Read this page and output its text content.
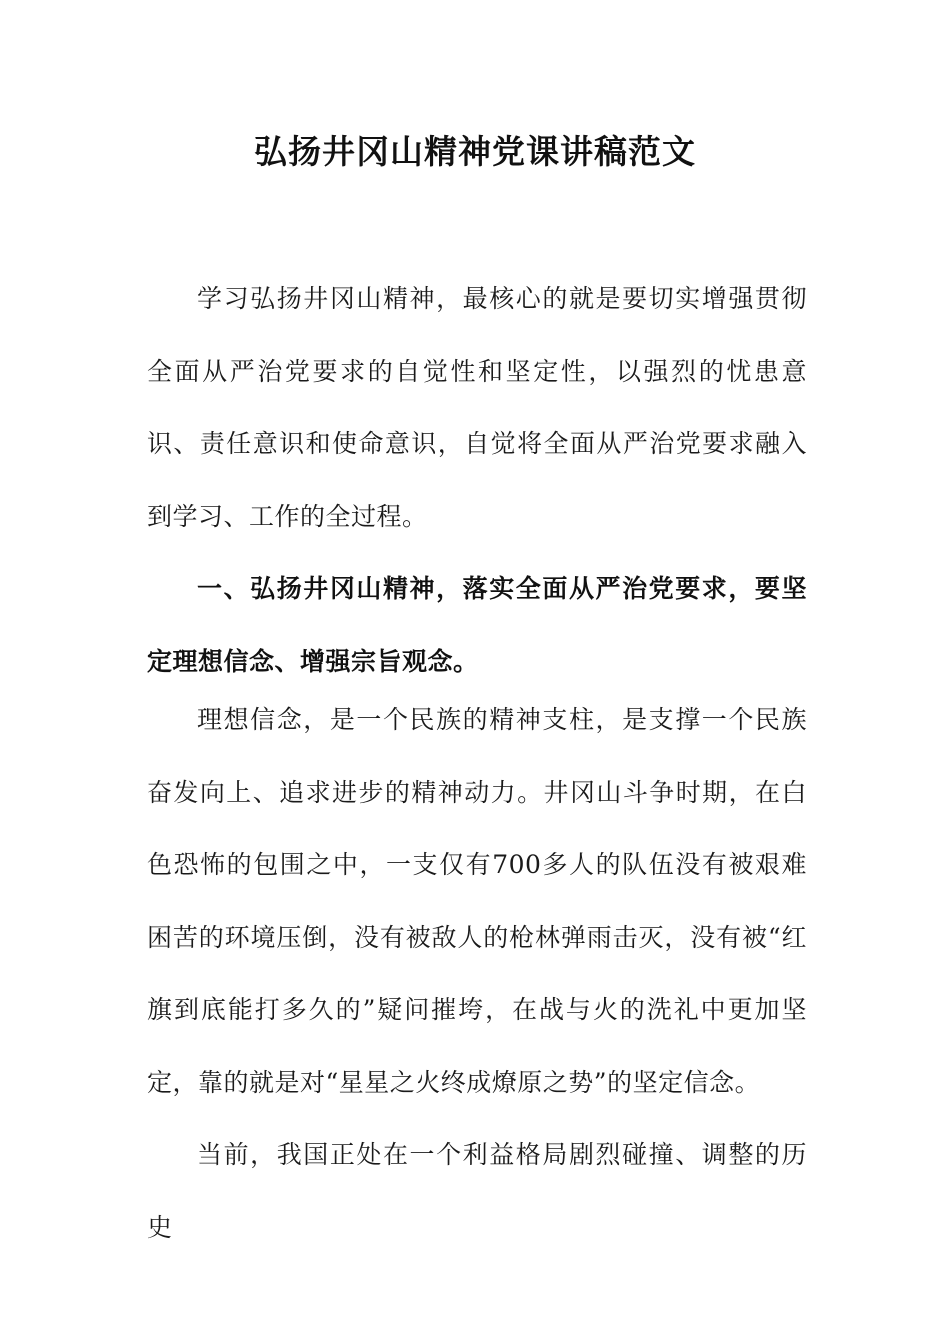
弘扬井冈山精神党课讲稿范文
学习弘扬井冈山精神，最核心的就是要切实增强贯彻全面从严治党要求的自觉性和坚定性，以强烈的忧患意识、责任意识和使命意识，自觉将全面从严治党要求融入到学习、工作的全过程。
一、弘扬井冈山精神，落实全面从严治党要求，要坚定理想信念、增强宗旨观念。
理想信念，是一个民族的精神支柱，是支撑一个民族奋发向上、追求进步的精神动力。井冈山斗争时期，在白色恐怖的包围之中，一支仅有700多人的队伍没有被艰难困苦的环境压倒，没有被敌人的枪林弹雨击灭，没有被“红旗到底能打多久的”疑问摧垮，在战与火的洗礼中更加坚定，靠的就是对“星星之火终成燎原之势”的坚定信念。
当前，我国正处在一个利益格局剧烈碰撞、调整的历史
